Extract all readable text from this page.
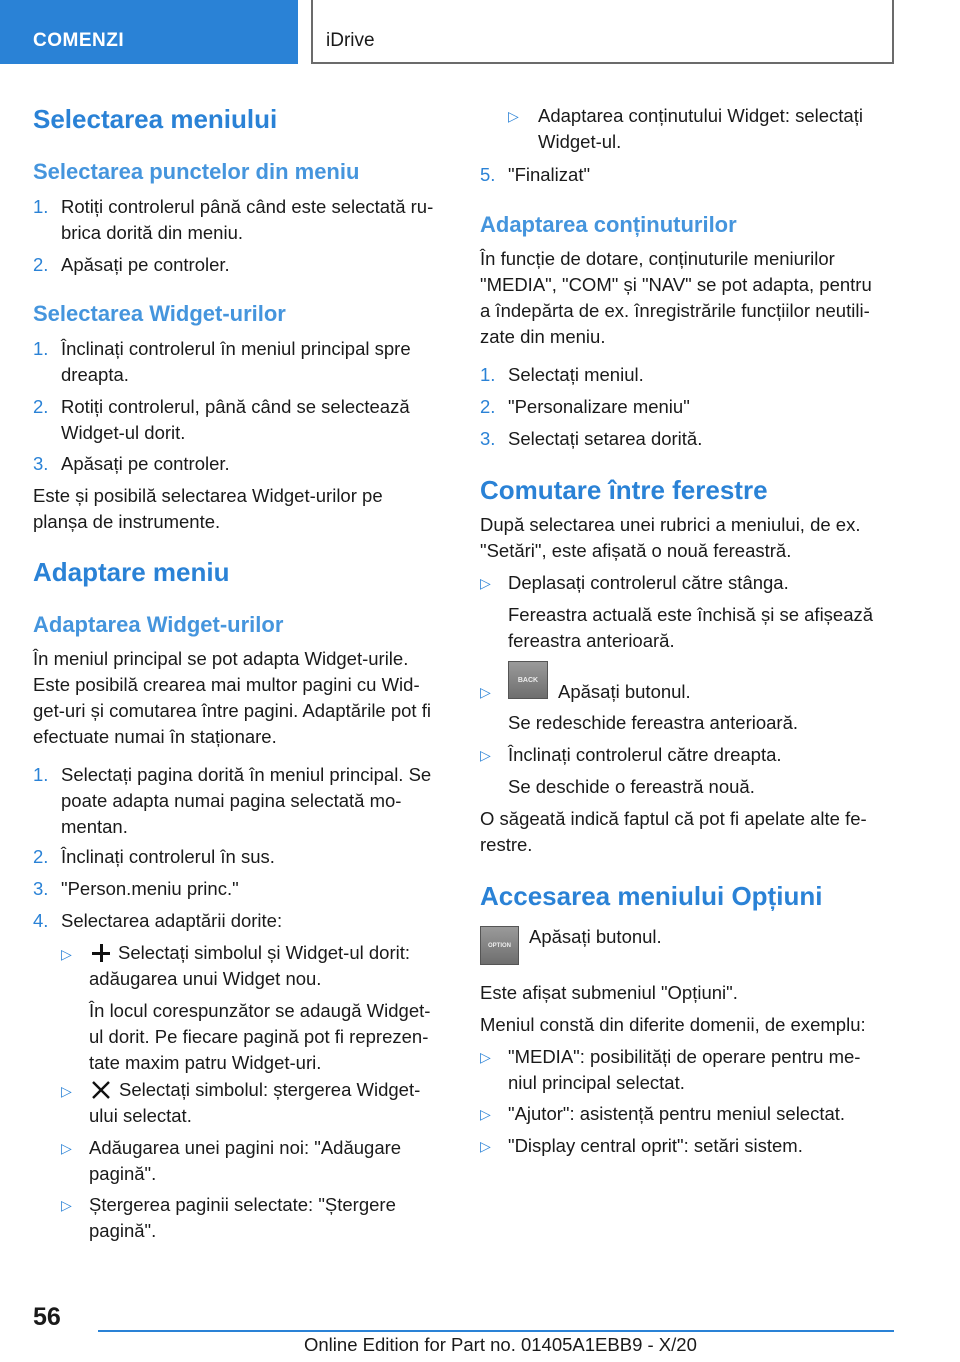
COMENZI	iDrive
Selectarea meniului
Selectarea punctelor din meniu
1. Rotiți controlerul până când este selectată ru‐
brica dorită din meniu.
2. Apăsați pe controler.
Selectarea Widget-urilor
1. Înclinați controlerul în meniul principal spre
dreapta.
2. Rotiți controlerul, până când se selectează
Widget-ul dorit.
3. Apăsați pe controler.
Este și posibilă selectarea Widget-urilor pe
planșa de instrumente.
Adaptare meniu
Adaptarea Widget-urilor
În meniul principal se pot adapta Widget-urile.
Este posibilă crearea mai multor pagini cu Wid‐
get-uri și comutarea între pagini. Adaptările pot fi
efectuate numai în staționare.
1. Selectați pagina dorită în meniul principal. Se
poate adapta numai pagina selectată mo‐
mentan.
2. Înclinați controlerul în sus.
3. "Person.meniu princ."
4. Selectarea adaptării dorite:
▷ Selectați simbolul și Widget-ul dorit:
adăugarea unui Widget nou.
În locul corespunzător se adaugă Widget-
ul dorit. Pe fiecare pagină pot fi reprezen‐
tate maxim patru Widget-uri.
▷	Selectați simbolul: ștergerea Widget-
ului selectat.
▷ Adăugarea unei pagini noi: "Adăugare
pagină".
▷ Ștergerea paginii selectate: "Ștergere
pagină".
▷ Adaptarea conținutului Widget: selectați
Widget-ul.
5. "Finalizat"
Adaptarea conținuturilor
În funcție de dotare, conținuturile meniurilor
"MEDIA", "COM" și "NAV" se pot adapta, pentru
a îndepărta de ex. înregistrările funcțiilor neutili‐
zate din meniu.
1. Selectați meniul.
2. "Personalizare meniu"
3. Selectați setarea dorită.
Comutare între ferestre
După selectarea unei rubrici a meniului, de ex.
"Setări", este afișată o nouă fereastră.
▷ Deplasați controlerul către stânga.
Fereastra actuală este închisă și se afișează
fereastra anterioară.
▷
BACK
Apăsați butonul.
Se redeschide fereastra anterioară.
▷ Înclinați controlerul către dreapta.
Se deschide o fereastră nouă.
O săgeată indică faptul că pot fi apelate alte fe‐
restre.
Accesarea meniului Opțiuni
OPTION Apăsați butonul.
Este afișat submeniul "Opțiuni".
Meniul constă din diferite domenii, de exemplu:
▷ "MEDIA": posibilități de operare pentru me‐
niul principal selectat.
▷ "Ajutor": asistență pentru meniul selectat.
▷ "Display central oprit": setări sistem.
56
Online Edition for Part no. 01405A1EBB9 - X/20
